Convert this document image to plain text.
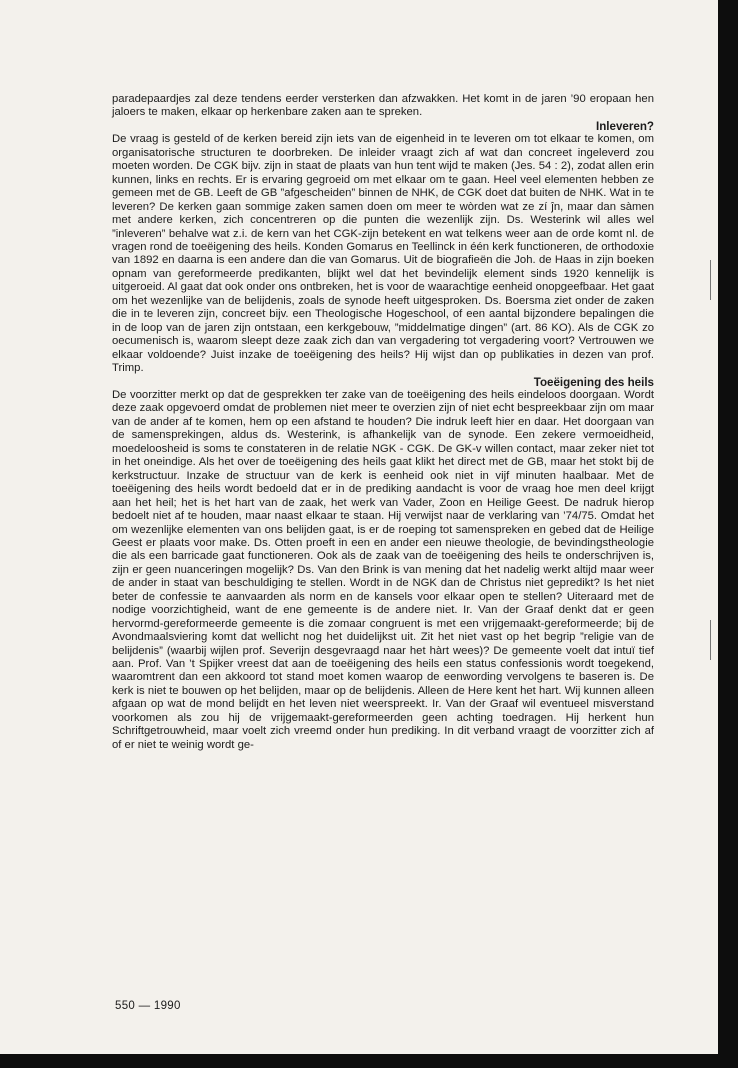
paradepaardjes zal deze tendens eerder versterken dan afzwakken. Het komt in de jaren ’90 eropaan hen jaloers te maken, elkaar op herkenbare zaken aan te spreken.

Inleveren?

De vraag is gesteld of de kerken bereid zijn iets van de eigenheid in te leveren om tot elkaar te komen, om organisatorische structuren te doorbreken. De inleider vraagt zich af wat dan concreet ingeleverd zou moeten worden. De CGK bijv. zijn in staat de plaats van hun tent wijd te maken (Jes. 54 : 2), zodat allen erin kunnen, links en rechts. Er is ervaring gegroeid om met elkaar om te gaan. Heel veel elementen hebben ze gemeen met de GB. Leeft de GB ”afgescheiden” binnen de NHK, de CGK doet dat buiten de NHK. Wat in te leveren? De kerken gaan sommige zaken samen doen om meer te wòrden wat ze zí ĵn, maar dan sàmen met andere kerken, zich concentreren op die punten die wezenlijk zijn. Ds. Westerink wil alles wel ”inleveren” behalve wat z.i. de kern van het CGK-zijn betekent en wat telkens weer aan de orde komt nl. de vragen rond de toeëigening des heils. Konden Gomarus en Teellinck in één kerk functioneren, de orthodoxie van 1892 en daarna is een andere dan die van Gomarus. Uit de biografieën die Joh. de Haas in zijn boeken opnam van gereformeerde predikanten, blijkt wel dat het bevindelijk element sinds 1920 kennelijk is uitgeroeid. Al gaat dat ook onder ons ontbreken, het is voor de waarachtige eenheid onopgeefbaar. Het gaat om het wezenlijke van de belijdenis, zoals de synode heeft uitgesproken. Ds. Boersma ziet onder de zaken die in te leveren zijn, concreet bijv. een Theologische Hogeschool, of een aantal bijzondere bepalingen die in de loop van de jaren zijn ontstaan, een kerkgebouw, ”middelmatige dingen” (art. 86 KO). Als de CGK zo oecumenisch is, waarom sleept deze zaak zich dan van vergadering tot vergadering voort? Vertrouwen we elkaar voldoende? Juist inzake de toeëigening des heils? Hij wijst dan op publikaties in dezen van prof. Trimp.

Toeëigening des heils

De voorzitter merkt op dat de gesprekken ter zake van de toeëigening des heils eindeloos doorgaan. Wordt deze zaak opgevoerd omdat de problemen niet meer te overzien zijn of niet echt bespreekbaar zijn om maar van de ander af te komen, hem op een afstand te houden? Die indruk leeft hier en daar. Het doorgaan van de samensprekingen, aldus ds. Westerink, is afhankelijk van de synode. Een zekere vermoeidheid, moedeloosheid is soms te constateren in de relatie NGK - CGK. De GK-v willen contact, maar zeker niet tot in het oneindige. Als het over de toeëigening des heils gaat klikt het direct met de GB, maar het stokt bij de kerkstructuur. Inzake de structuur van de kerk is eenheid ook niet in vijf minuten haalbaar. Met de toeëigening des heils wordt bedoeld dat er in de prediking aandacht is voor de vraag hoe men deel krijgt aan het heil; het is het hart van de zaak, het werk van Vader, Zoon en Heilige Geest. De nadruk hierop bedoelt niet af te houden, maar naast elkaar te staan. Hij verwijst naar de verklaring van ’74/75. Omdat het om wezenlijke elementen van ons belijden gaat, is er de roeping tot samenspreken en gebed dat de Heilige Geest er plaats voor make. Ds. Otten proeft in een en ander een nieuwe theologie, de bevindingstheologie die als een barricade gaat functioneren. Ook als de zaak van de toeëigening des heils te onderschrijven is, zijn er geen nuanceringen mogelijk? Ds. Van den Brink is van mening dat het nadelig werkt altijd maar weer de ander in staat van beschuldiging te stellen. Wordt in de NGK dan de Christus niet gepredikt? Is het niet beter de confessie te aanvaarden als norm en de kansels voor elkaar open te stellen? Uiteraard met de nodige voorzichtigheid, want de ene gemeente is de andere niet. Ir. Van der Graaf denkt dat er geen hervormd-gereformeerde gemeente is die zomaar congruent is met een vrijgemaakt-gereformeerde; bij de Avondmaalsviering komt dat wellicht nog het duidelijkst uit. Zit het niet vast op het begrip ”religie van de belijdenis” (waarbij wijlen prof. Severijn desgevraagd naar het hàrt wees)? De gemeente voelt dat intuï tief aan. Prof. Van ’t Spijker vreest dat aan de toeëigening des heils een status confessionis wordt toegekend, waaromtrent dan een akkoord tot stand moet komen waarop de eenwording vervolgens te baseren is. De kerk is niet te bouwen op het belijden, maar op de belijdenis. Alleen de Here kent het hart. Wij kunnen alleen afgaan op wat de mond belijdt en het leven niet weerspreekt. Ir. Van der Graaf wil eventueel misverstand voorkomen als zou hij de vrijgemaakt-gereformeerden geen achting toedragen. Hij herkent hun Schriftgetrouwheid, maar voelt zich vreemd onder hun prediking. In dit verband vraagt de voorzitter zich af of er niet te weinig wordt ge-

550 — 1990
